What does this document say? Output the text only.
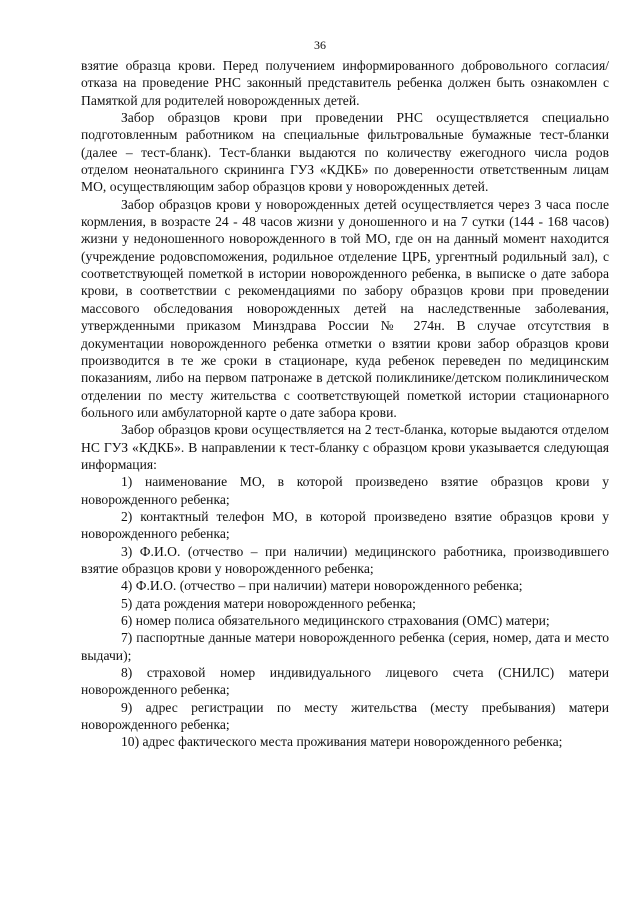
36

взятие образца крови. Перед получением информированного добровольного согласия/отказа на проведение РНС законный представитель ребенка должен быть ознакомлен с Памяткой для родителей новорожденных детей.

Забор образцов крови при проведении РНС осуществляется специально подготовленным работником на специальные фильтровальные бумажные тест-бланки (далее – тест-бланк). Тест-бланки выдаются по количеству ежегодного числа родов отделом неонатального скрининга ГУЗ «КДКБ» по доверенности ответственным лицам МО, осуществляющим забор образцов крови у новорожденных детей.

Забор образцов крови у новорожденных детей осуществляется через 3 часа после кормления, в возрасте 24 - 48 часов жизни у доношенного и на 7 сутки (144 - 168 часов) жизни у недоношенного новорожденного в той МО, где он на данный момент находится (учреждение родовспоможения, родильное отделение ЦРБ, ургентный родильный зал), с соответствующей пометкой в истории новорожденного ребенка, в выписке о дате забора крови, в соответствии с рекомендациями по забору образцов крови при проведении массового обследования новорожденных детей на наследственные заболевания, утвержденными приказом Минздрава России № 274н. В случае отсутствия в документации новорожденного ребенка отметки о взятии крови забор образцов крови производится в те же сроки в стационаре, куда ребенок переведен по медицинским показаниям, либо на первом патронаже в детской поликлинике/детском поликлиническом отделении по месту жительства с соответствующей пометкой истории стационарного больного или амбулаторной карте о дате забора крови.

Забор образцов крови осуществляется на 2 тест-бланка, которые выдаются отделом НС ГУЗ «КДКБ». В направлении к тест-бланку с образцом крови указывается следующая информация:

1) наименование МО, в которой произведено взятие образцов крови у новорожденного ребенка;

2) контактный телефон МО, в которой произведено взятие образцов крови у новорожденного ребенка;

3) Ф.И.О. (отчество – при наличии) медицинского работника, производившего взятие образцов крови у новорожденного ребенка;

4) Ф.И.О. (отчество – при наличии) матери новорожденного ребенка;

5) дата рождения матери новорожденного ребенка;

6) номер полиса обязательного медицинского страхования (ОМС) матери;

7) паспортные данные матери новорожденного ребенка (серия, номер, дата и место выдачи);

8) страховой номер индивидуального лицевого счета (СНИЛС) матери новорожденного ребенка;

9) адрес регистрации по месту жительства (месту пребывания) матери новорожденного ребенка;

10) адрес фактического места проживания матери новорожденного ребенка;
